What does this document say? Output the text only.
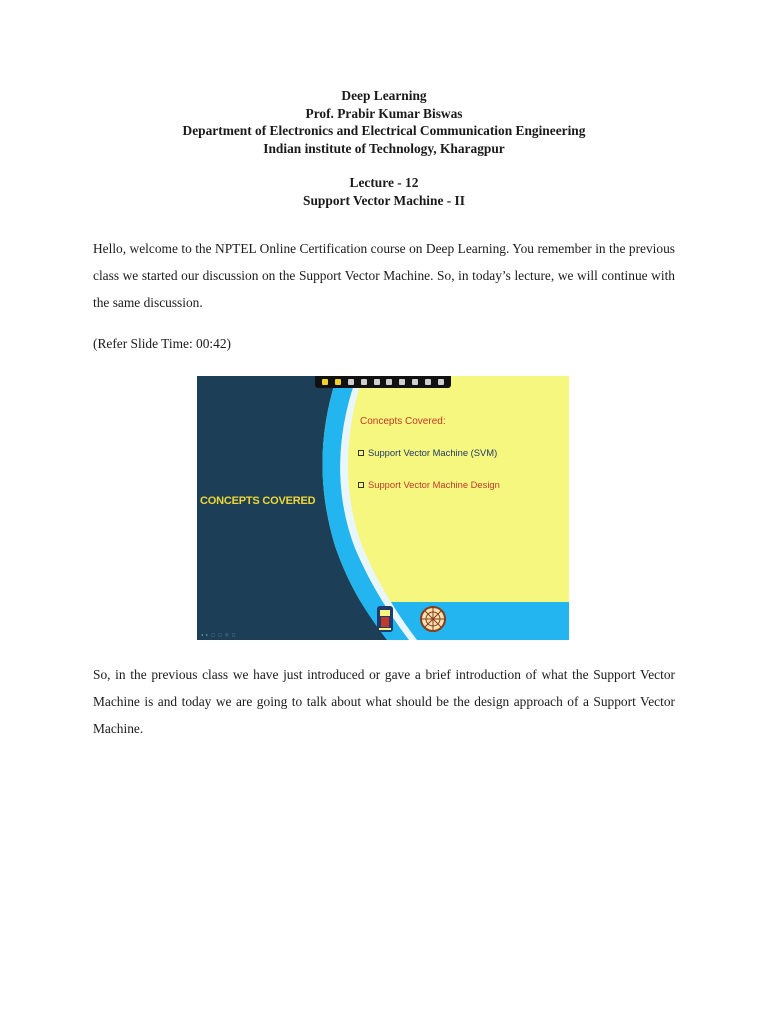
Deep Learning
Prof. Prabir Kumar Biswas
Department of Electronics and Electrical Communication Engineering
Indian institute of Technology, Kharagpur
Lecture - 12
Support Vector Machine - II

Hello, welcome to the NPTEL Online Certification course on Deep Learning. You remember in the previous class we started our discussion on the Support Vector Machine. So, in today’s lecture, we will continue with the same discussion.

(Refer Slide Time: 00:42)

CONCEPTS COVERED
Concepts Covered:
Support Vector Machine (SVM)
Support Vector Machine Design
◂ ▸ ▢ ▢ ◎ ▢

So, in the previous class we have just introduced or gave a brief introduction of what the Support Vector Machine is and today we are going to talk about what should be the design approach of a Support Vector Machine.
